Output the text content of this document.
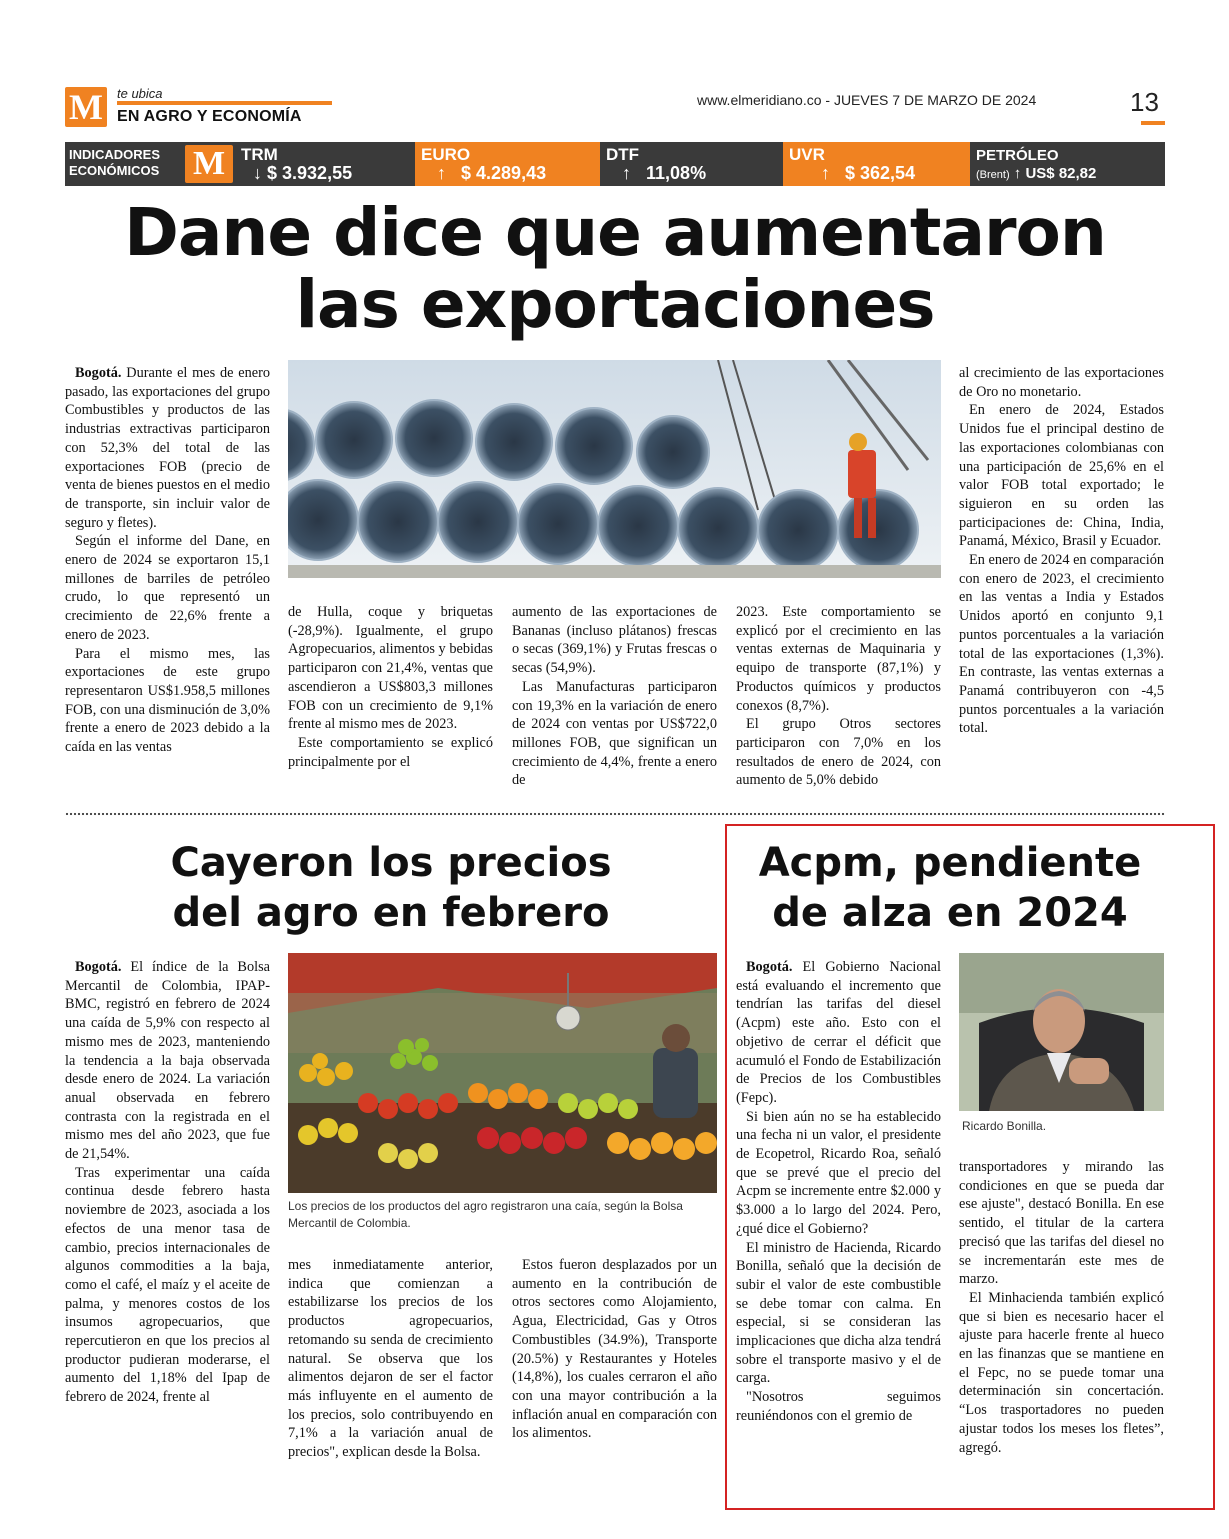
M	te ubica
EN AGRO Y ECONOMÍA
www.elmeridiano.co - JUEVES 7 DE MARZO DE 2024	13
INDICADORES
ECONÓMICOS M TRM
↓ $ 3.932,55
EURO
↑ $ 4.289,43
DTF
↑ 11,08%
UVR
↑ $ 362,54
PETRÓLEO
(Brent) ↑ US$ 82,82
Dane dice que aumentaron
las exportaciones

Bogotá. Durante el mes de enero pasado, las exportaciones del grupo Combustibles y productos de las industrias extractivas participaron con 52,3% del total de las exportaciones FOB (precio de venta de bienes puestos en el medio de transporte, sin incluir valor de seguro y fletes).

Según el informe del Dane, en enero de 2024 se exportaron 15,1 millones de barriles de petróleo crudo, lo que representó un crecimiento de 22,6% frente a enero de 2023.

Para el mismo mes, las exportaciones de este grupo representaron US$1.958,5 millones FOB, con una disminución de 3,0% frente a enero de 2023 debido a la caída en las ventas

de Hulla, coque y briquetas (-28,9%). Igualmente, el grupo Agropecuarios, alimentos y bebidas participaron con 21,4%, ventas que ascendieron a US$803,3 millones FOB con un crecimiento de 9,1% frente al mismo mes de 2023.

Este comportamiento se explicó principalmente por el

aumento de las exportaciones de Bananas (incluso plátanos) frescas o secas (369,1%) y Frutas frescas o secas (54,9%).

Las Manufacturas participaron con 19,3% en la variación de enero de 2024 con ventas por US$722,0 millones FOB, que significan un crecimiento de 4,4%, frente a enero de

2023. Este comportamiento se explicó por el crecimiento en las ventas externas de Maquinaria y equipo de transporte (87,1%) y Productos químicos y productos conexos (8,7%).

El grupo Otros sectores participaron con 7,0% en los resultados de enero de 2024, con aumento de 5,0% debido

al crecimiento de las exportaciones de Oro no monetario.

En enero de 2024, Estados Unidos fue el principal destino de las exportaciones colombianas con una participación de 25,6% en el valor FOB total exportado; le siguieron en su orden las participaciones de: China, India, Panamá, México, Brasil y Ecuador.

En enero de 2024 en comparación con enero de 2023, el crecimiento en las ventas a India y Estados Unidos aportó en conjunto 9,1 puntos porcentuales a la variación total de las exportaciones (1,3%). En contraste, las ventas externas a Panamá contribuyeron con -4,5 puntos porcentuales a la variación total.

Cayeron los precios
del agro en febrero

Bogotá. El índice de la Bolsa Mercantil de Colombia, IPAP-BMC, registró en febrero de 2024 una caída de 5,9% con respecto al mismo mes de 2023, manteniendo la tendencia a la baja observada desde enero de 2024. La variación anual observada en febrero contrasta con la registrada en el mismo mes del año 2023, que fue de 21,54%.

Tras experimentar una caída continua desde febrero hasta noviembre de 2023, asociada a los efectos de una menor tasa de cambio, precios internacionales de algunos commodities a la baja, como el café, el maíz y el aceite de palma, y menores costos de los insumos agropecuarios, que repercutieron en que los precios al productor pudieran moderarse, el aumento del 1,18% del Ipap de febrero de 2024, frente al

Los precios de los productos del agro registraron una caía, según la Bolsa Mercantil de Colombia.

mes inmediatamente anterior, indica que comienzan a estabilizarse los precios de los productos agropecuarios, retomando su senda de crecimiento natural. Se observa que los alimentos dejaron de ser el factor más influyente en el aumento de los precios, solo contribuyendo en 7,1% a la variación anual de precios", explican desde la Bolsa.

Estos fueron desplazados por un aumento en la contribución de otros sectores como Alojamiento, Agua, Electricidad, Gas y Otros Combustibles (34.9%), Transporte (20.5%) y Restaurantes y Hoteles (14,8%), los cuales cerraron el año con una mayor contribución a la inflación anual en comparación con los alimentos.

Acpm, pendiente
de alza en 2024

Bogotá. El Gobierno Nacional está evaluando el incremento que tendrían las tarifas del diesel (Acpm) este año. Esto con el objetivo de cerrar el déficit que acumuló el Fondo de Estabilización de Precios de los Combustibles (Fepc).

Si bien aún no se ha establecido una fecha ni un valor, el presidente de Ecopetrol, Ricardo Roa, señaló que se prevé que el precio del Acpm se incremente entre $2.000 y $3.000 a lo largo del 2024. Pero, ¿qué dice el Gobierno?

El ministro de Hacienda, Ricardo Bonilla, señaló que la decisión de subir el valor de este combustible se debe tomar con calma. En especial, si se consideran las implicaciones que dicha alza tendrá sobre el transporte masivo y el de carga.

"Nosotros seguimos reuniéndonos con el gremio de

Ricardo Bonilla.

transportadores y mirando las condiciones en que se pueda dar ese ajuste", destacó Bonilla. En ese sentido, el titular de la cartera precisó que las tarifas del diesel no se incrementarán este mes de marzo.

El Minhacienda también explicó que si bien es necesario hacer el ajuste para hacerle frente al hueco en las finanzas que se mantiene en el Fepc, no se puede tomar una determinación sin concertación. “Los trasportadores no pueden ajustar todos los meses los fletes”, agregó.
